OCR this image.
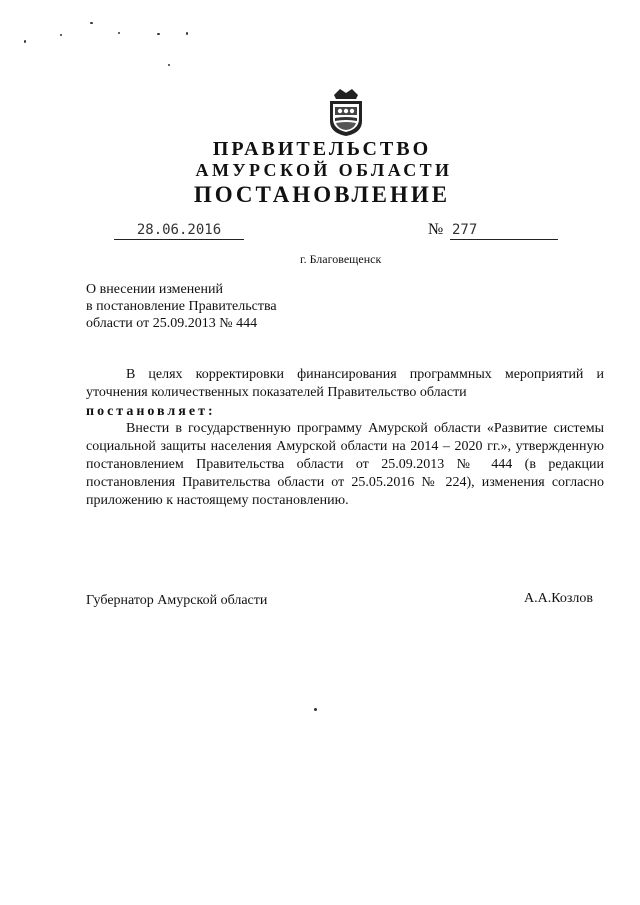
ПРАВИТЕЛЬСТВО
АМУРСКОЙ ОБЛАСТИ
ПОСТАНОВЛЕНИЕ
28.06.2016	№ 277
г. Благовещенск
О внесении изменений
в постановление Правительства
области от 25.09.2013 № 444
В целях корректировки финансирования программных мероприятий и уточнения количественных показателей Правительство области
постановляет:
Внести в государственную программу Амурской области «Развитие системы социальной защиты населения Амурской области на 2014 – 2020 гг.», утвержденную постановлением Правительства области от 25.09.2013 № 444 (в редакции постановления Правительства области от 25.05.2016 № 224), изменения согласно приложению к настоящему постановлению.
Губернатор Амурской области	А.А.Козлов
